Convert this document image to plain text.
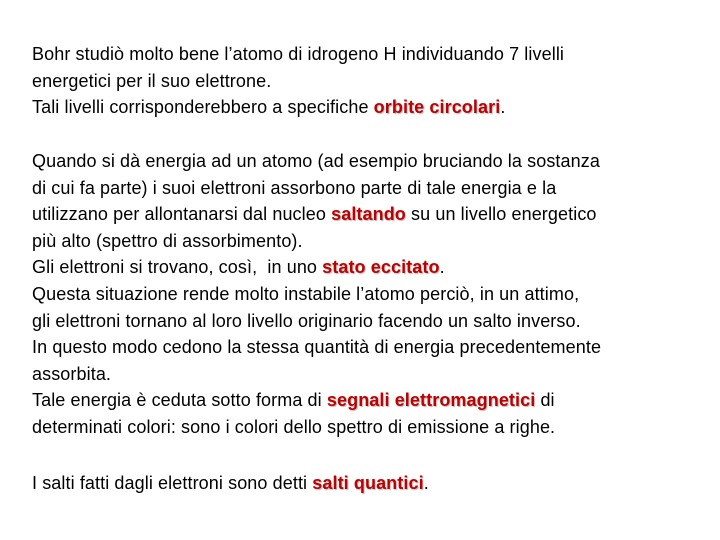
Bohr studiò molto bene l’atomo di idrogeno H individuando 7 livelli
energetici per il suo elettrone.
Tali livelli corrisponderebbero a specifiche orbite circolari.
Quando si dà energia ad un atomo (ad esempio bruciando la sostanza
di cui fa parte) i suoi elettroni assorbono parte di tale energia e la
utilizzano per allontanarsi dal nucleo saltando su un livello energetico
più alto (spettro di assorbimento).
Gli elettroni si trovano, così,  in uno stato eccitato.
Questa situazione rende molto instabile l’atomo perciò, in un attimo,
gli elettroni tornano al loro livello originario facendo un salto inverso.
In questo modo cedono la stessa quantità di energia precedentemente
assorbita.
Tale energia è ceduta sotto forma di segnali elettromagnetici di
determinati colori: sono i colori dello spettro di emissione a righe.
I salti fatti dagli elettroni sono detti salti quantici.
